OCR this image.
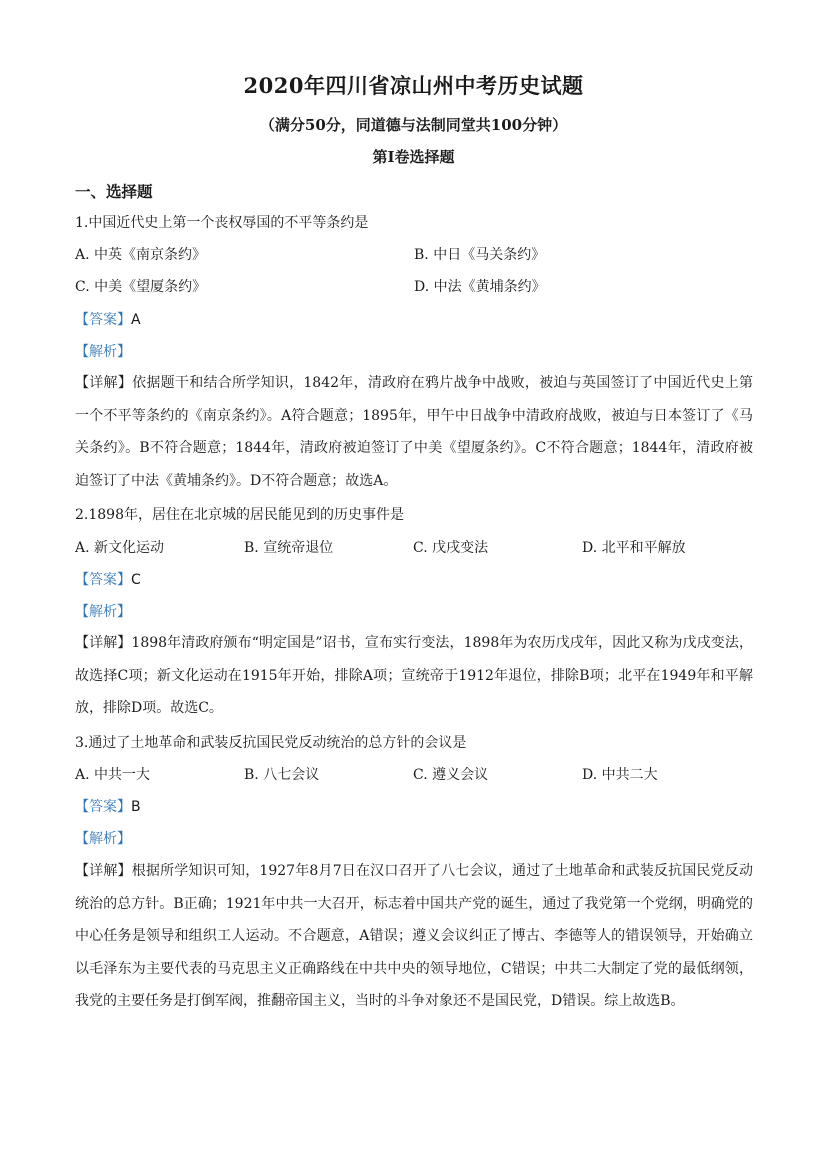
2020年四川省凉山州中考历史试题
（满分50分，同道德与法制同堂共100分钟）
第Ⅰ卷选择题
一、选择题
1.中国近代史上第一个丧权辱国的不平等条约是
A. 中英《南京条约》	B. 中日《马关条约》
C. 中美《望厦条约》	D. 中法《黄埔条约》
【答案】A
【解析】
【详解】依据题干和结合所学知识，1842年，清政府在鸦片战争中战败，被迫与英国签订了中国近代史上第一个不平等条约的《南京条约》。A符合题意；1895年，甲午中日战争中清政府战败，被迫与日本签订了《马关条约》。B不符合题意；1844年，清政府被迫签订了中美《望厦条约》。C不符合题意；1844年，清政府被迫签订了中法《黄埔条约》。D不符合题意；故选A。
2.1898年，居住在北京城的居民能见到的历史事件是
A. 新文化运动	B. 宣统帝退位	C. 戊戌变法	D. 北平和平解放
【答案】C
【解析】
【详解】1898年清政府颁布“明定国是”诏书，宣布实行变法，1898年为农历戊戌年，因此又称为戊戌变法，故选择C项；新文化运动在1915年开始，排除A项；宣统帝于1912年退位，排除B项；北平在1949年和平解放，排除D项。故选C。
3.通过了土地革命和武装反抗国民党反动统治的总方针的会议是
A. 中共一大	B. 八七会议	C. 遵义会议	D. 中共二大
【答案】B
【解析】
【详解】根据所学知识可知，1927年8月7日在汉口召开了八七会议，通过了土地革命和武装反抗国民党反动统治的总方针。B正确；1921年中共一大召开，标志着中国共产党的诞生，通过了我党第一个党纲，明确党的中心任务是领导和组织工人运动。不合题意，A错误；遵义会议纠正了博古、李德等人的错误领导，开始确立以毛泽东为主要代表的马克思主义正确路线在中共中央的领导地位，C错误；中共二大制定了党的最低纲领，我党的主要任务是打倒军阀，推翻帝国主义，当时的斗争对象还不是国民党，D错误。综上故选B。
